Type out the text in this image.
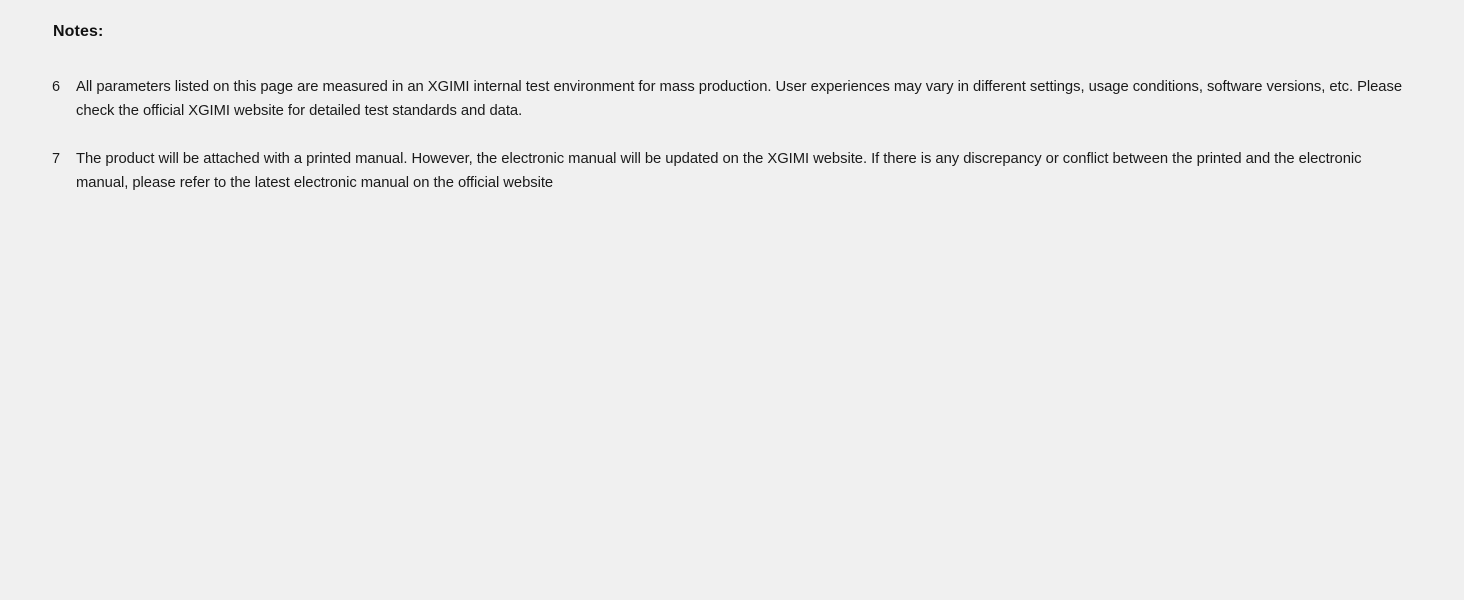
Notes:
6	All parameters listed on this page are measured in an XGIMI internal test environment for mass production. User experiences may vary in different settings, usage conditions, software versions, etc. Please check the official XGIMI website for detailed test standards and data.
7	The product will be attached with a printed manual. However, the electronic manual will be updated on the XGIMI website. If there is any discrepancy or conflict between the printed and the electronic manual, please refer to the latest electronic manual on the official website
